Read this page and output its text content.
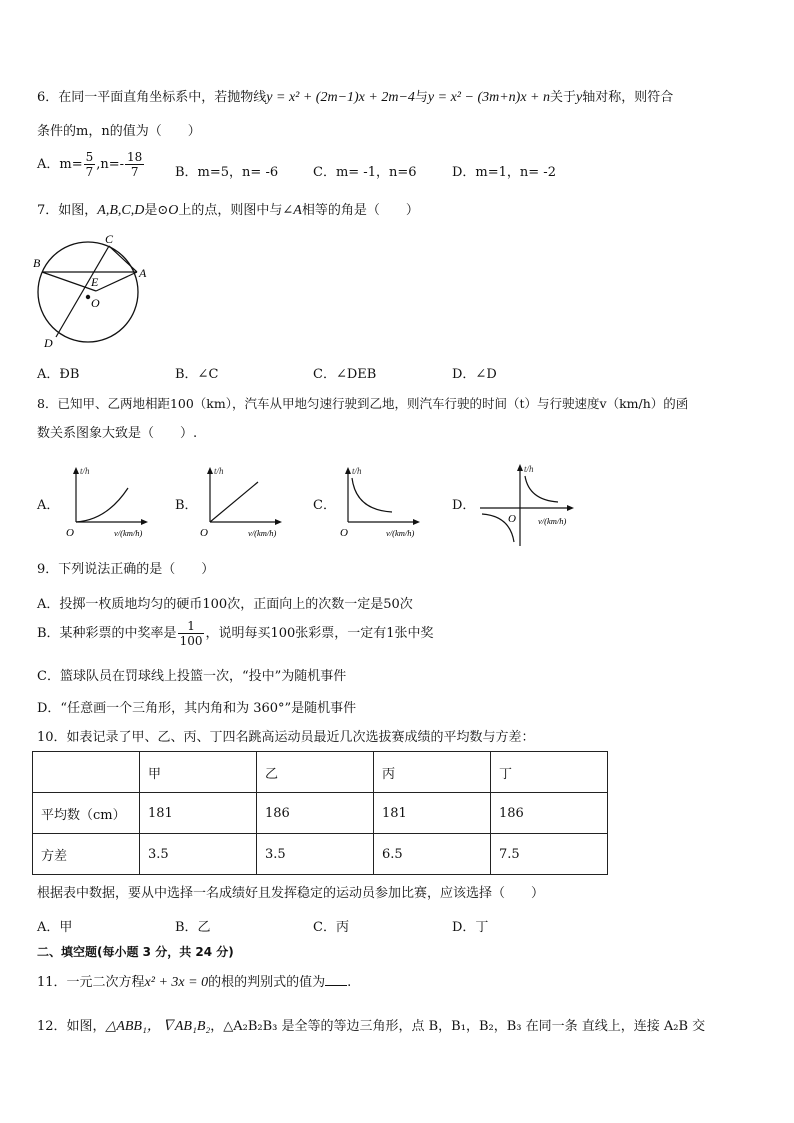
6．在同一平面直角坐标系中，若抛物线y = x² + (2m−1)x + 2m−4与y = x² − (3m+n)x + n关于y轴对称，则符合
条件的m，n的值为（　　）
A．$m= \frac{5}{7} ,n=- \frac{18}{7}$ B．m=5，n= -6	C．m= -1，n=6	D．m=1，n= -2
7．如图，A,B,C,D是⊙O上的点，则图中与∠A相等的角是（　　）
C
B
A
E
O
D
A．ÐB	B．∠C	C．∠DEB	D．∠D
8．已知甲、乙两地相距100（km），汽车从甲地匀速行驶到乙地，则汽车行驶的时间（t）与行驶速度v（km/h）的函
数关系图象大致是（　　）.
A．
t/h
O	v/(km/h)
B．
t/h
O	v/(km/h)
C．
t/h
O	v/(km/h)
D．
t/h
O	v/(km/h)
9．下列说法正确的是（　　）
A．投掷一枚质地均匀的硬币100次，正面向上的次数一定是50次
B．某种彩票的中奖率是 $\frac{1}{100}$ ，说明每买100张彩票，一定有1张中奖
C．篮球队员在罚球线上投篮一次，“投中”为随机事件
D．“任意画一个三角形，其内角和为 360°”是随机事件
10．如表记录了甲、乙、丙、丁四名跳高运动员最近几次选拔赛成绩的平均数与方差：
	甲	乙	丙	丁
平均数（cm）	181	186	181	186
方差	3.5	3.5	6.5	7.5
根据表中数据，要从中选择一名成绩好且发挥稳定的运动员参加比赛，应该选择（　　）
A．甲	B．乙	C．丙	D．丁
二、填空题(每小题 3 分，共 24 分)
11．一元二次方程x² + 3x = 0的根的判别式的值为 .
12．如图，△ABB₁，∇AB₁B₂，△A₂B₂B₃ 是全等的等边三角形，点 B，B₁，B₂，B₃ 在同一条 直线上，连接 A₂B 交
